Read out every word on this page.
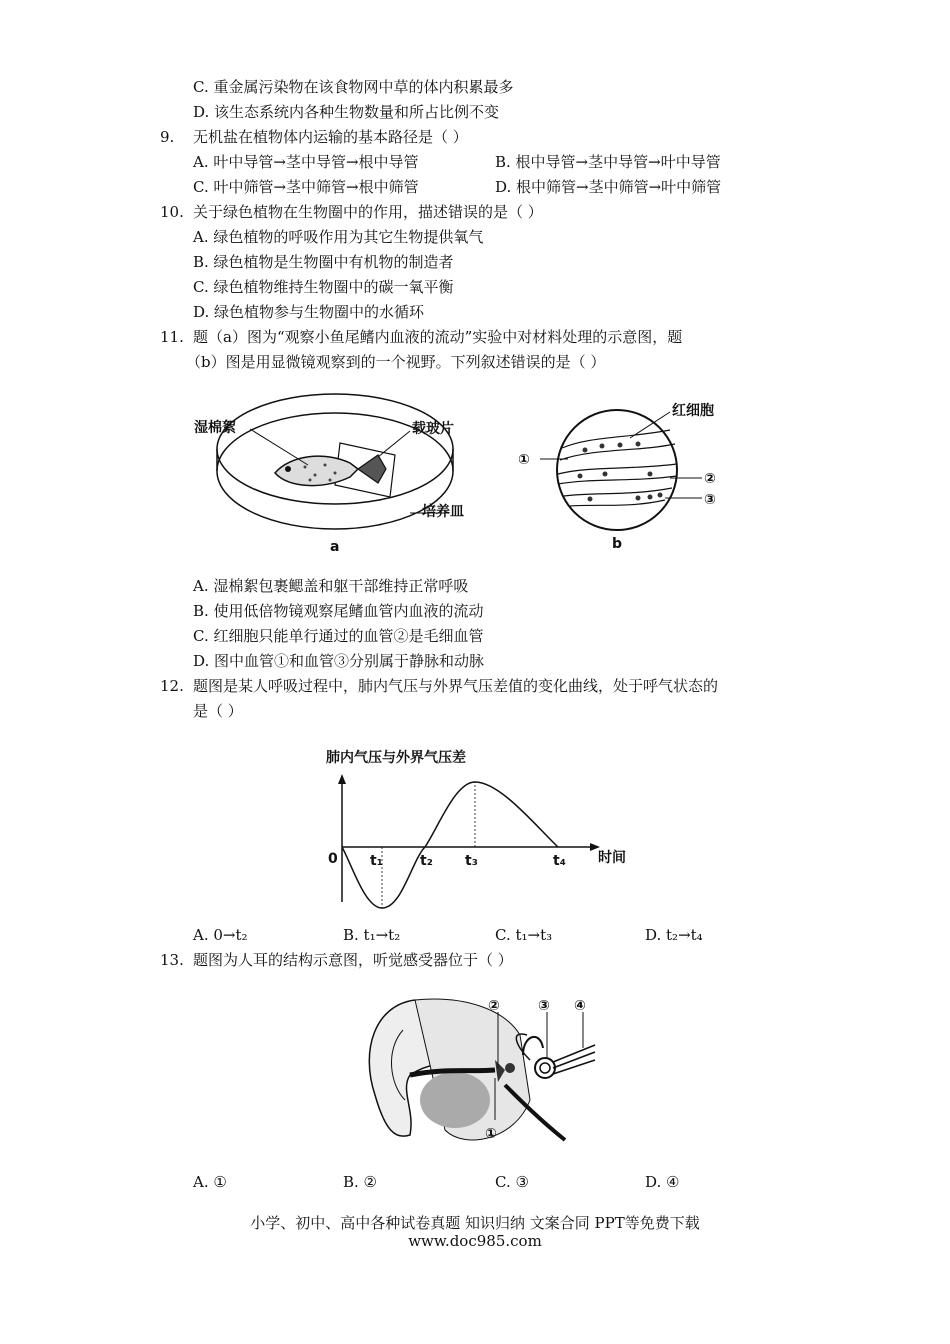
C. 重金属污染物在该食物网中草的体内积累最多
D. 该生态系统内各种生物数量和所占比例不变
9. 无机盐在植物体内运输的基本路径是（ ）
A. 叶中导管→茎中导管→根中导管	B. 根中导管→茎中导管→叶中导管
C. 叶中筛管→茎中筛管→根中筛管	D. 根中筛管→茎中筛管→叶中筛管
10. 关于绿色植物在生物圈中的作用，描述错误的是（ ）
A. 绿色植物的呼吸作用为其它生物提供氧气
B. 绿色植物是生物圈中有机物的制造者
C. 绿色植物维持生物圈中的碳一氧平衡
D. 绿色植物参与生物圈中的水循环
11. 题（a）图为“观察小鱼尾鳍内血液的流动”实验中对材料处理的示意图，题
（b）图是用显微镜观察到的一个视野。下列叙述错误的是（ ）
湿棉絮	载玻片
培养皿
a
红细胞
①
②
③
b
A. 湿棉絮包裹鳃盖和躯干部维持正常呼吸
B. 使用低倍物镜观察尾鳍血管内血液的流动
C. 红细胞只能单行通过的血管②是毛细血管
D. 图中血管①和血管③分别属于静脉和动脉
12. 题图是某人呼吸过程中，肺内气压与外界气压差值的变化曲线，处于呼气状态的
是（ ）
肺内气压与外界气压差
0 t₁	t₂ t₃	t₄ 时间
A. 0→t₂	B. t₁→t₂	C. t₁→t₃	D. t₂→t₄
13. 题图为人耳的结构示意图，听觉感受器位于（ ）
②	③ ④
①
A. ①	B. ②	C. ③	D. ④
小学、初中、高中各种试卷真题 知识归纳 文案合同 PPT等免费下载
www.doc985.com
